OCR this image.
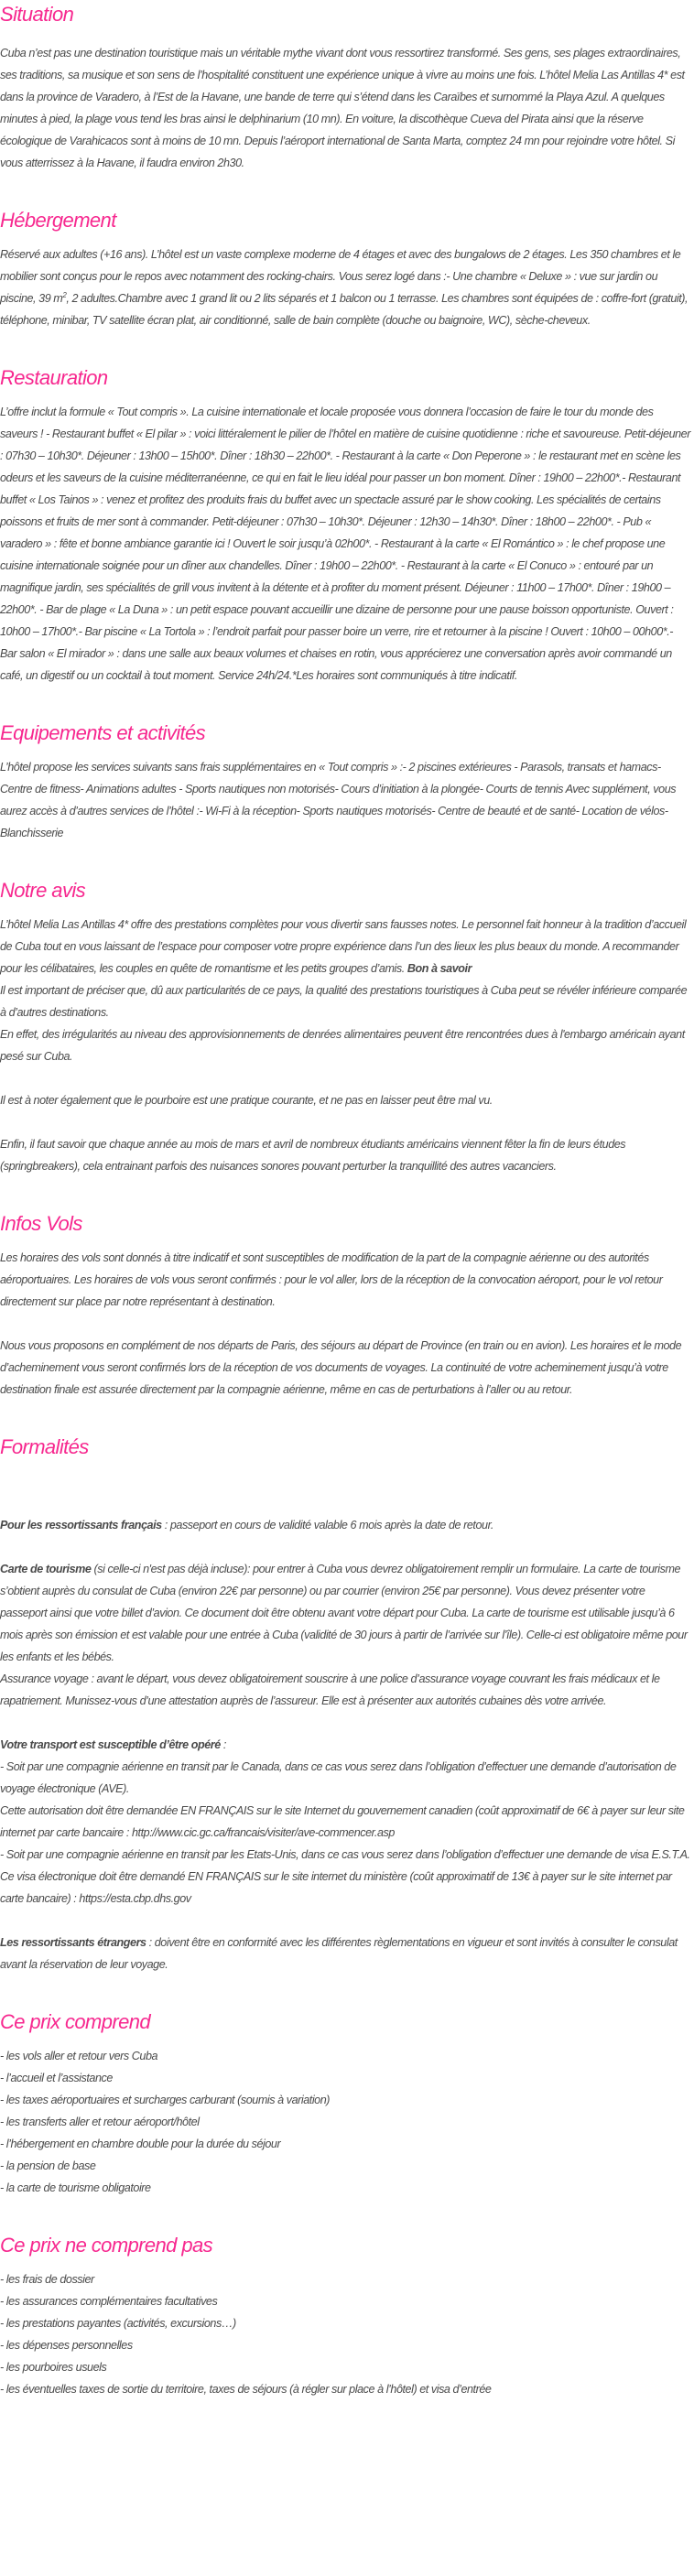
Situation

Cuba n’est pas une destination touristique mais un véritable mythe vivant dont vous ressortirez transformé. Ses gens, ses plages extraordinaires, ses traditions, sa musique et son sens de l’hospitalité constituent une expérience unique à vivre au moins une fois. L’hôtel Melia Las Antillas 4* est dans la province de Varadero, à l’Est de la Havane, une bande de terre qui s’étend dans les Caraïbes et surnommé la Playa Azul. A quelques minutes à pied, la plage vous tend les bras ainsi le delphinarium (10 mn). En voiture, la discothèque Cueva del Pirata ainsi que la réserve écologique de Varahicacos sont à moins de 10 mn. Depuis l’aéroport international de Santa Marta, comptez 24 mn pour rejoindre votre hôtel. Si vous atterrissez à la Havane, il faudra environ 2h30.

Hébergement

Réservé aux adultes (+16 ans). L’hôtel est un vaste complexe moderne de 4 étages et avec des bungalows de 2 étages. Les 350 chambres et le mobilier sont conçus pour le repos avec notamment des rocking-chairs. Vous serez logé dans :- Une chambre « Deluxe » : vue sur jardin ou piscine, 39 $m^2$, 2 adultes.Chambre avec 1 grand lit ou 2 lits séparés et 1 balcon ou 1 terrasse. Les chambres sont équipées de : coffre-fort (gratuit), téléphone, minibar, TV satellite écran plat, air conditionné, salle de bain complète (douche ou baignoire, WC), sèche-cheveux.

Restauration

L’offre inclut la formule « Tout compris ». La cuisine internationale et locale proposée vous donnera l’occasion de faire le tour du monde des saveurs ! - Restaurant buffet « El pilar » : voici littéralement le pilier de l’hôtel en matière de cuisine quotidienne : riche et savoureuse. Petit-déjeuner : 07h30 – 10h30*. Déjeuner : 13h00 – 15h00*. Dîner : 18h30 – 22h00*. - Restaurant à la carte « Don Peperone » : le restaurant met en scène les odeurs et les saveurs de la cuisine méditerranéenne, ce qui en fait le lieu idéal pour passer un bon moment. Dîner : 19h00 – 22h00*.- Restaurant buffet « Los Tainos » : venez et profitez des produits frais du buffet avec un spectacle assuré par le show cooking. Les spécialités de certains poissons et fruits de mer sont à commander. Petit-déjeuner : 07h30 – 10h30*. Déjeuner : 12h30 – 14h30*. Dîner : 18h00 – 22h00*. - Pub « varadero » : fête et bonne ambiance garantie ici ! Ouvert le soir jusqu’à 02h00*. - Restaurant à la carte « El Romántico » : le chef propose une cuisine internationale soignée pour un dîner aux chandelles. Dîner : 19h00 – 22h00*. - Restaurant à la carte « El Conuco » : entouré par un magnifique jardin, ses spécialités de grill vous invitent à la détente et à profiter du moment présent. Déjeuner : 11h00 – 17h00*. Dîner : 19h00 – 22h00*. - Bar de plage « La Duna » : un petit espace pouvant accueillir une dizaine de personne pour une pause boisson opportuniste. Ouvert : 10h00 – 17h00*.- Bar piscine « La Tortola » : l’endroit parfait pour passer boire un verre, rire et retourner à la piscine ! Ouvert : 10h00 – 00h00*.- Bar salon « El mirador » : dans une salle aux beaux volumes et chaises en rotin, vous apprécierez une conversation après avoir commandé un café, un digestif ou un cocktail à tout moment. Service 24h/24.*Les horaires sont communiqués à titre indicatif.

Equipements et activités

L’hôtel propose les services suivants sans frais supplémentaires en « Tout compris » :- 2 piscines extérieures - Parasols, transats et hamacs- Centre de fitness- Animations adultes - Sports nautiques non motorisés- Cours d’initiation à la plongée- Courts de tennis Avec supplément, vous aurez accès à d’autres services de l’hôtel :- Wi-Fi à la réception- Sports nautiques motorisés- Centre de beauté et de santé- Location de vélos- Blanchisserie

Notre avis

L’hôtel Melia Las Antillas 4* offre des prestations complètes pour vous divertir sans fausses notes. Le personnel fait honneur à la tradition d’accueil de Cuba tout en vous laissant de l’espace pour composer votre propre expérience dans l’un des lieux les plus beaux du monde. A recommander pour les célibataires, les couples en quête de romantisme et les petits groupes d’amis. Bon à savoir

Il est important de préciser que, dû aux particularités de ce pays, la qualité des prestations touristiques à Cuba peut se révéler inférieure comparée à d’autres destinations.

En effet, des irrégularités au niveau des approvisionnements de denrées alimentaires peuvent être rencontrées dues à l'embargo américain ayant pesé sur Cuba.

Il est à noter également que le pourboire est une pratique courante, et ne pas en laisser peut être mal vu.

Enfin, il faut savoir que chaque année au mois de mars et avril de nombreux étudiants américains viennent fêter la fin de leurs études (springbreakers), cela entrainant parfois des nuisances sonores pouvant perturber la tranquillité des autres vacanciers.

Infos Vols

Les horaires des vols sont donnés à titre indicatif et sont susceptibles de modification de la part de la compagnie aérienne ou des autorités aéroportuaires. Les horaires de vols vous seront confirmés : pour le vol aller, lors de la réception de la convocation aéroport, pour le vol retour directement sur place par notre représentant à destination.

Nous vous proposons en complément de nos départs de Paris, des séjours au départ de Province (en train ou en avion). Les horaires et le mode d’acheminement vous seront confirmés lors de la réception de vos documents de voyages. La continuité de votre acheminement jusqu’à votre destination finale est assurée directement par la compagnie aérienne, même en cas de perturbations à l’aller ou au retour.

Formalités

Pour les ressortissants français : passeport en cours de validité valable 6 mois après la date de retour.

Carte de tourisme (si celle-ci n'est pas déjà incluse): pour entrer à Cuba vous devrez obligatoirement remplir un formulaire. La carte de tourisme s’obtient auprès du consulat de Cuba (environ 22€ par personne) ou par courrier (environ 25€ par personne). Vous devez présenter votre passeport ainsi que votre billet d’avion. Ce document doit être obtenu avant votre départ pour Cuba. La carte de tourisme est utilisable jusqu’à 6 mois après son émission et est valable pour une entrée à Cuba (validité de 30 jours à partir de l’arrivée sur l’île). Celle-ci est obligatoire même pour les enfants et les bébés.

Assurance voyage : avant le départ, vous devez obligatoirement souscrire à une police d’assurance voyage couvrant les frais médicaux et le rapatriement. Munissez-vous d’une attestation auprès de l’assureur. Elle est à présenter aux autorités cubaines dès votre arrivée.

Votre transport est susceptible d’être opéré :

- Soit par une compagnie aérienne en transit par le Canada, dans ce cas vous serez dans l’obligation d’effectuer une demande d’autorisation de voyage électronique (AVE).

Cette autorisation doit être demandée EN FRANÇAIS sur le site Internet du gouvernement canadien (coût approximatif de 6€ à payer sur leur site internet par carte bancaire : http://www.cic.gc.ca/francais/visiter/ave-commencer.asp

- Soit par une compagnie aérienne en transit par les Etats-Unis, dans ce cas vous serez dans l’obligation d’effectuer une demande de visa E.S.T.A. Ce visa électronique doit être demandé EN FRANÇAIS sur le site internet du ministère (coût approximatif de 13€ à payer sur le site internet par carte bancaire) : https://esta.cbp.dhs.gov

Les ressortissants étrangers : doivent être en conformité avec les différentes règlementations en vigueur et sont invités à consulter le consulat avant la réservation de leur voyage.

Ce prix comprend
- les vols aller et retour vers Cuba
- l’accueil et l’assistance
- les taxes aéroportuaires et surcharges carburant (soumis à variation)
- les transferts aller et retour aéroport/hôtel
- l’hébergement en chambre double pour la durée du séjour
- la pension de base
- la carte de tourisme obligatoire
Ce prix ne comprend pas
- les frais de dossier
- les assurances complémentaires facultatives
- les prestations payantes (activités, excursions…)
- les dépenses personnelles
- les pourboires usuels
- les éventuelles taxes de sortie du territoire, taxes de séjours (à régler sur place à l’hôtel) et visa d’entrée
